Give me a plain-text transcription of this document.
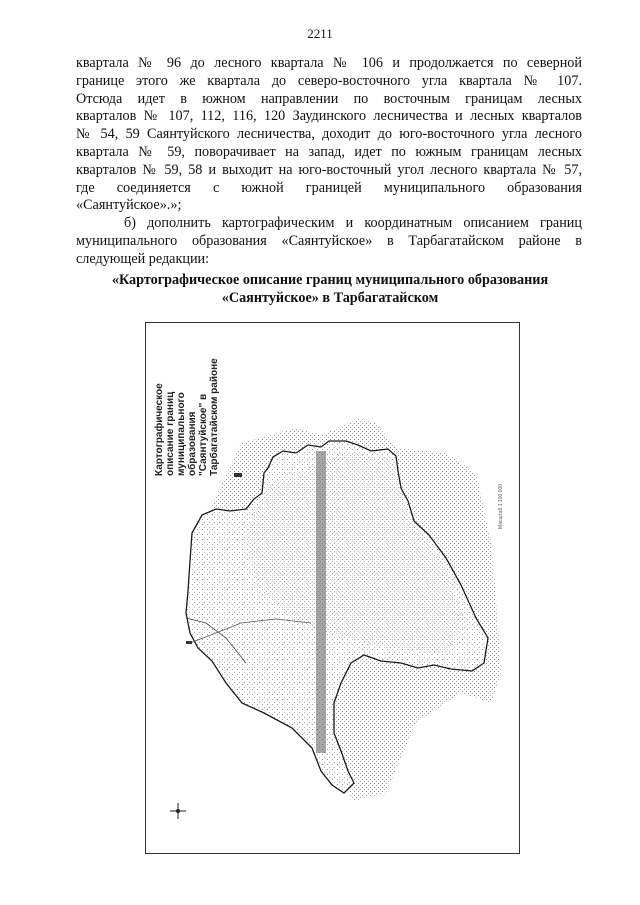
2211
квартала № 96 до лесного квартала № 106 и продолжается по северной
границе этого же квартала до северо-восточного угла квартала № 107.
Отсюда идет в южном направлении по восточным границам лесных
кварталов № 107, 112, 116, 120 Заудинского лесничества и лесных кварталов
№ 54, 59 Саянтуйского лесничества, доходит до юго-восточного угла лесного
квартала № 59, поворачивает на запад, идет по южным границам лесных
кварталов № 59, 58 и выходит на юго-восточный угол лесного квартала № 57,
где соединяется с южной границей муниципального образования
«Саянтуйское».»;
б) дополнить картографическим и координатным описанием границ
муниципального образования «Саянтуйское» в Тарбагатайском районе в
следующей редакции:
«Картографическое описание границ муниципального образования
«Саянтуйское» в Тарбагатайском
Масштаб 1:100 000
Картографическое описание границ муниципального образования "Саянтуйское" в Тарбагатайском районе
